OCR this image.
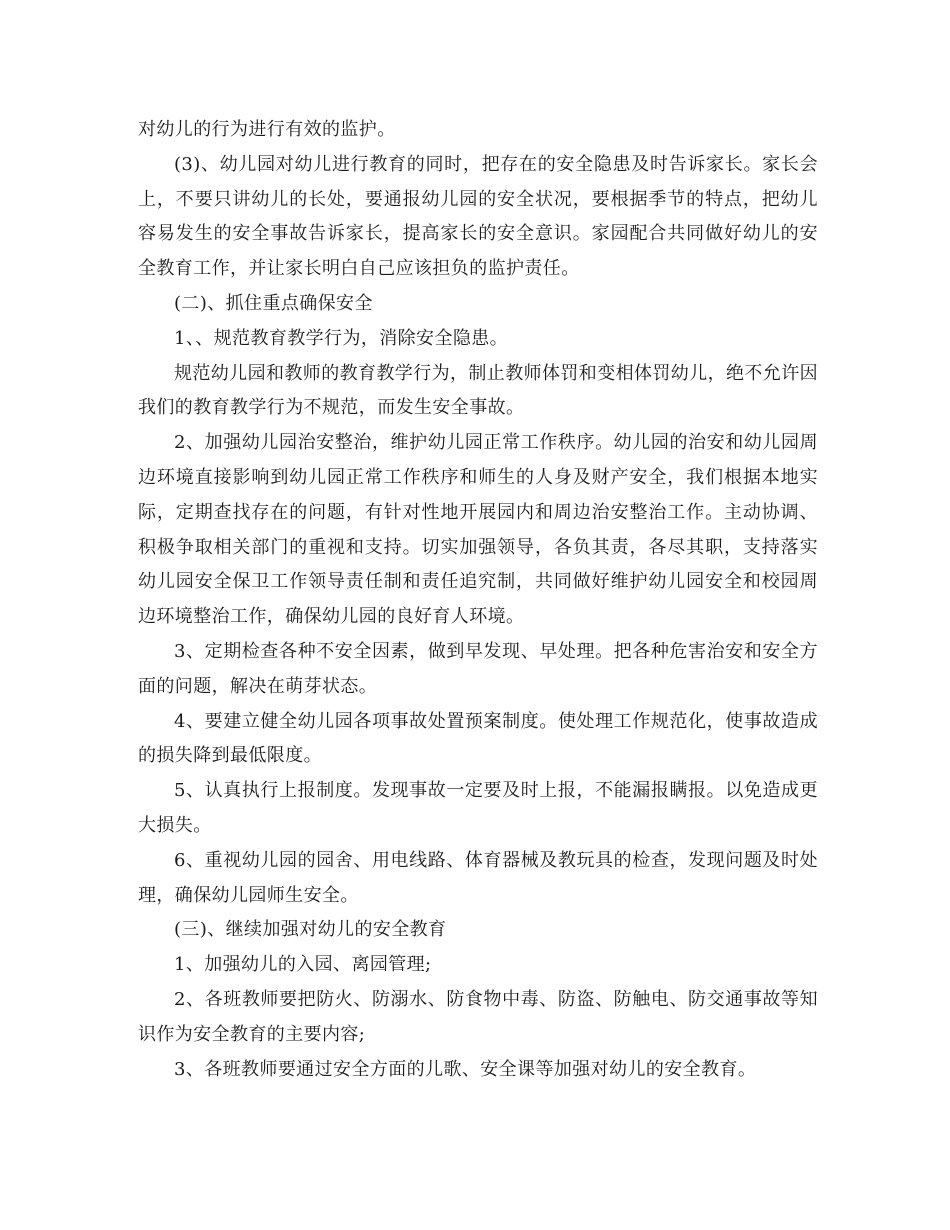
对幼儿的行为进行有效的监护。

(3)、幼儿园对幼儿进行教育的同时，把存在的安全隐患及时告诉家长。家长会上，不要只讲幼儿的长处，要通报幼儿园的安全状况，要根据季节的特点，把幼儿容易发生的安全事故告诉家长，提高家长的安全意识。家园配合共同做好幼儿的安全教育工作，并让家长明白自己应该担负的监护责任。

(二)、抓住重点确保安全

1、、规范教育教学行为，消除安全隐患。

规范幼儿园和教师的教育教学行为，制止教师体罚和变相体罚幼儿，绝不允许因我们的教育教学行为不规范，而发生安全事故。

2、加强幼儿园治安整治，维护幼儿园正常工作秩序。幼儿园的治安和幼儿园周边环境直接影响到幼儿园正常工作秩序和师生的人身及财产安全，我们根据本地实际，定期查找存在的问题，有针对性地开展园内和周边治安整治工作。主动协调、积极争取相关部门的重视和支持。切实加强领导，各负其责，各尽其职，支持落实幼儿园安全保卫工作领导责任制和责任追究制，共同做好维护幼儿园安全和校园周边环境整治工作，确保幼儿园的良好育人环境。

3、定期检查各种不安全因素，做到早发现、早处理。把各种危害治安和安全方面的问题，解决在萌芽状态。

4、要建立健全幼儿园各项事故处置预案制度。使处理工作规范化，使事故造成的损失降到最低限度。

5、认真执行上报制度。发现事故一定要及时上报，不能漏报瞒报。以免造成更大损失。

6、重视幼儿园的园舍、用电线路、体育器械及教玩具的检查，发现问题及时处理，确保幼儿园师生安全。

(三)、继续加强对幼儿的安全教育

1、加强幼儿的入园、离园管理;

2、各班教师要把防火、防溺水、防食物中毒、防盗、防触电、防交通事故等知识作为安全教育的主要内容;

3、各班教师要通过安全方面的儿歌、安全课等加强对幼儿的安全教育。
